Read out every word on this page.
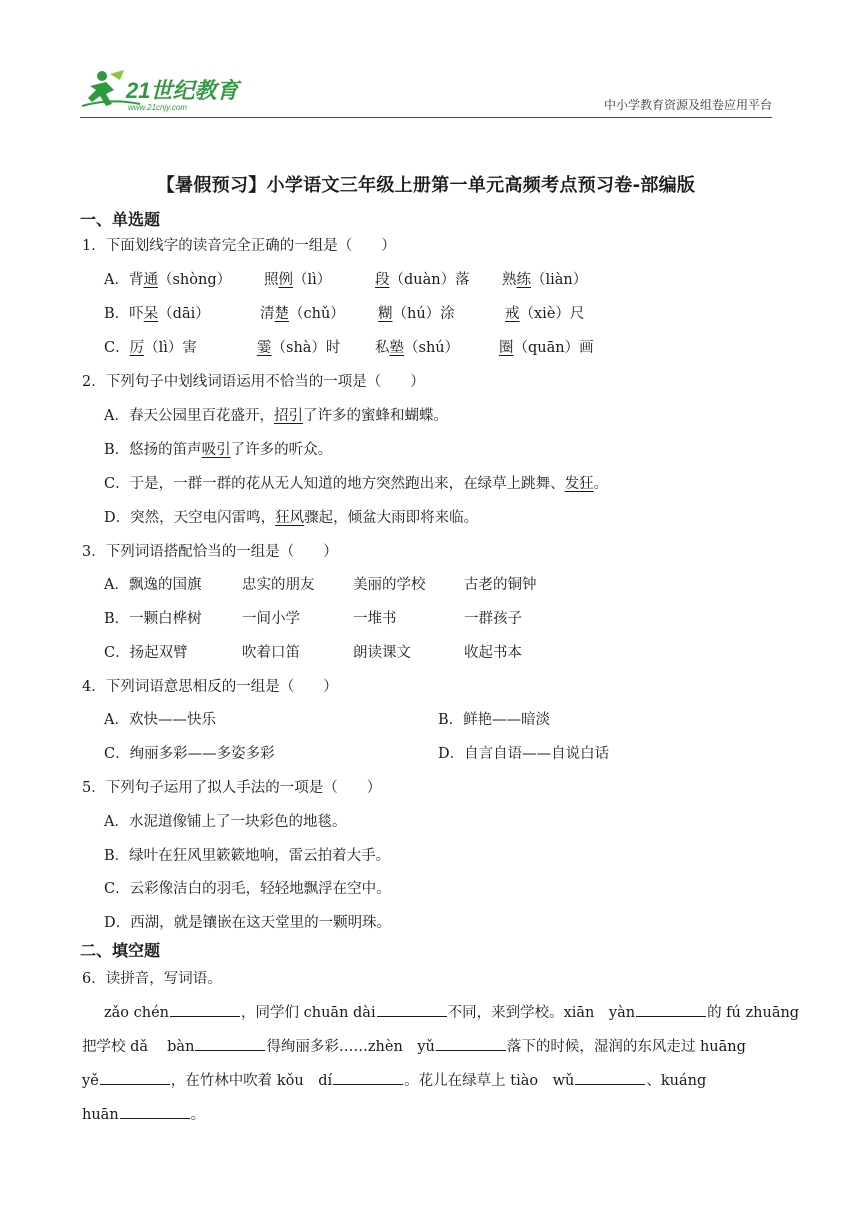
21世纪教育
www.21cnjy.com	中小学教育资源及组卷应用平台
【暑假预习】小学语文三年级上册第一单元高频考点预习卷-部编版
一、单选题
1．下面划线字的读音完全正确的一组是（　　）
A．背通（shòng） 照例（lì）	段（duàn）落 熟练（liàn）
B．吓呆（dāi）	清楚（chǔ） 糊（hú）涂	戒（xiè）尺
C．厉（lì）害	霎（shà）时 私塾（shú）	圈（quān）画
2．下列句子中划线词语运用不恰当的一项是（　　）
A．春天公园里百花盛开，招引了许多的蜜蜂和蝴蝶。
B．悠扬的笛声吸引了许多的听众。
C．于是，一群一群的花从无人知道的地方突然跑出来，在绿草上跳舞、发狂。
D．突然，天空电闪雷鸣，狂风骤起，倾盆大雨即将来临。
3．下列词语搭配恰当的一组是（　　）
A．飘逸的国旗	忠实的朋友	美丽的学校	古老的铜钟
B．一颗白桦树	一间小学	一堆书	一群孩子
C．扬起双臂	吹着口笛	朗读课文	收起书本
4．下列词语意思相反的一组是（　　）
A．欢快——快乐	B．鲜艳——暗淡
C．绚丽多彩——多姿多彩	D．自言自语——自说白话
5．下列句子运用了拟人手法的一项是（　　）
A．水泥道像铺上了一块彩色的地毯。
B．绿叶在狂风里簌簌地响，雷云拍着大手。
C．云彩像洁白的羽毛，轻轻地飘浮在空中。
D．西湖，就是镶嵌在这天堂里的一颗明珠。
二、填空题
6．读拼音，写词语。
zǎo chén	，同学们 chuān dài	不同，来到学校。xiān　yàn	的 fú zhuāng
把学校 dǎ　 bàn	得绚丽多彩……zhèn　yǔ	落下的时候，湿润的东风走过 huāng
yě	，在竹林中吹着 kǒu　dí	。花儿在绿草上 tiào　wǔ	、kuáng
huān	。
